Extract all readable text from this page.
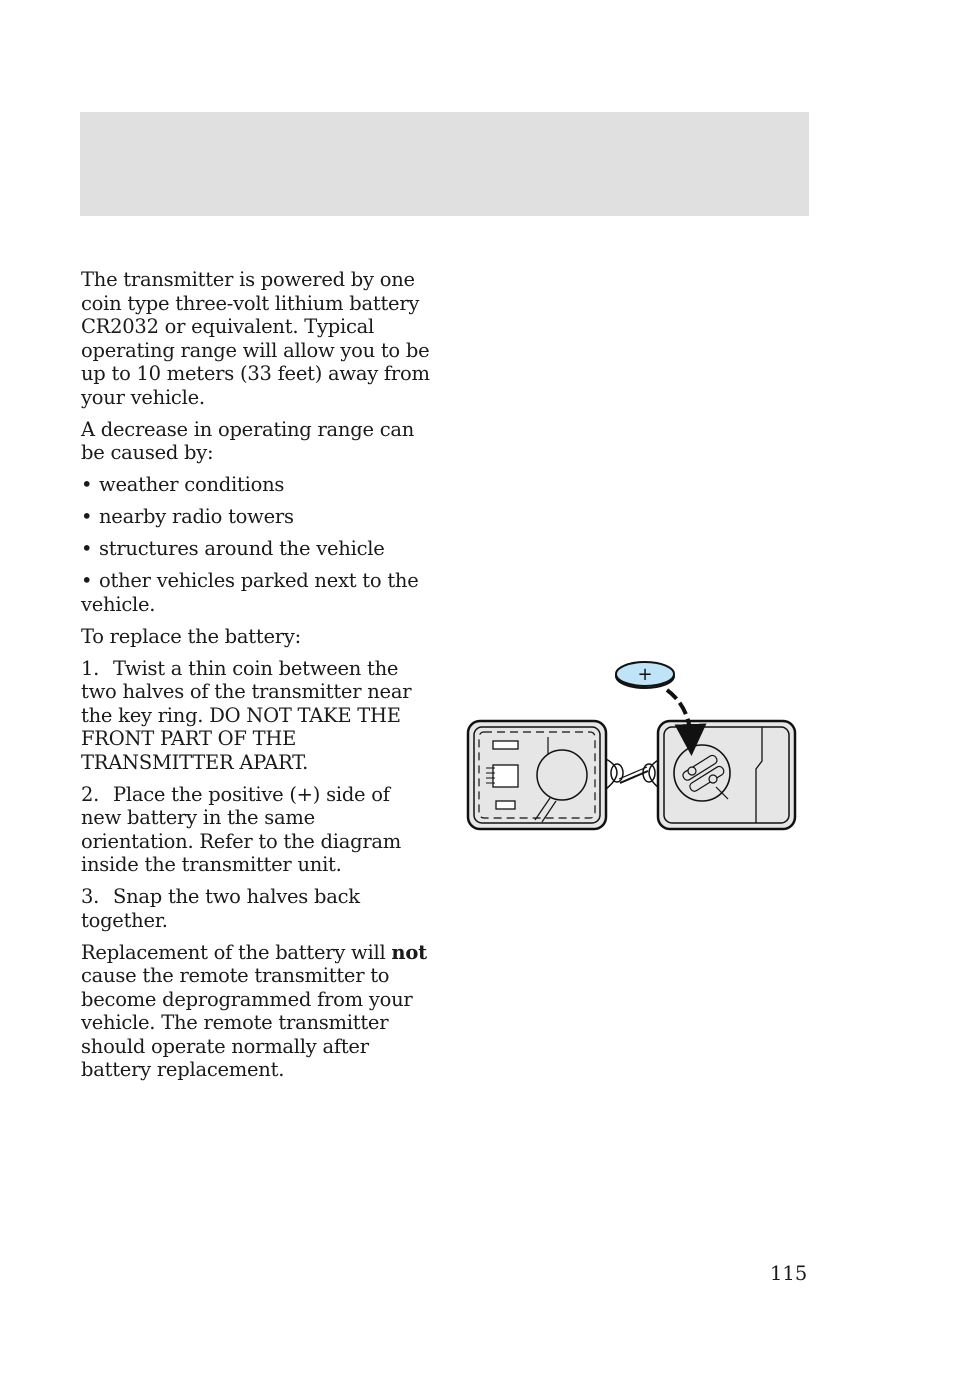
The transmitter is powered by one coin type three-volt lithium battery CR2032 or equivalent. Typical operating range will allow you to be up to 10 meters (33 feet) away from your vehicle.

A decrease in operating range can be caused by:

• weather conditions

• nearby radio towers

• structures around the vehicle

• other vehicles parked next to the vehicle.

To replace the battery:

1. Twist a thin coin between the two halves of the transmitter near the key ring. DO NOT TAKE THE FRONT PART OF THE TRANSMITTER APART.

2. Place the positive (+) side of new battery in the same orientation. Refer to the diagram inside the transmitter unit.

3. Snap the two halves back together.

Replacement of the battery will not cause the remote transmitter to become deprogrammed from your vehicle. The remote transmitter should operate normally after battery replacement.

+
115
